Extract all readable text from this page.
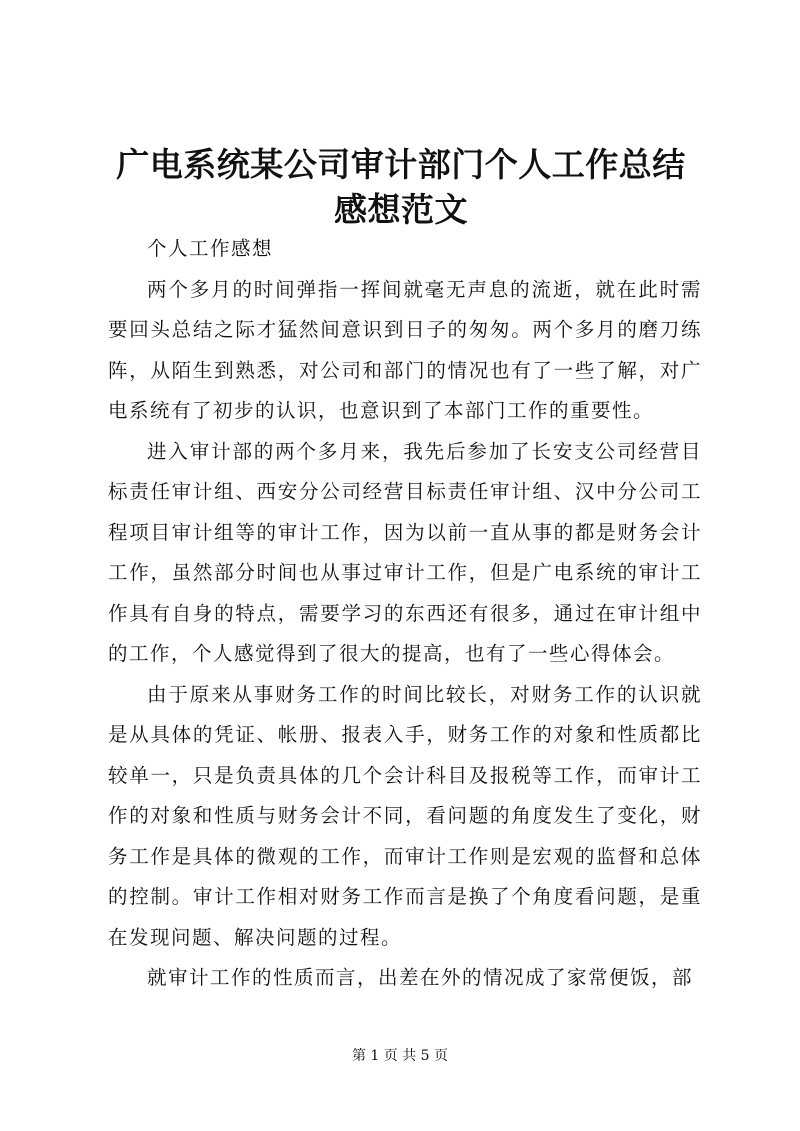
广电系统某公司审计部门个人工作总结感想范文

个人工作感想

两个多月的时间弹指一挥间就毫无声息的流逝，就在此时需要回头总结之际才猛然间意识到日子的匆匆。两个多月的磨刀练阵，从陌生到熟悉，对公司和部门的情况也有了一些了解，对广电系统有了初步的认识，也意识到了本部门工作的重要性。

进入审计部的两个多月来，我先后参加了长安支公司经营目标责任审计组、西安分公司经营目标责任审计组、汉中分公司工程项目审计组等的审计工作，因为以前一直从事的都是财务会计工作，虽然部分时间也从事过审计工作，但是广电系统的审计工作具有自身的特点，需要学习的东西还有很多，通过在审计组中的工作，个人感觉得到了很大的提高，也有了一些心得体会。

由于原来从事财务工作的时间比较长，对财务工作的认识就是从具体的凭证、帐册、报表入手，财务工作的对象和性质都比较单一，只是负责具体的几个会计科目及报税等工作，而审计工作的对象和性质与财务会计不同，看问题的角度发生了变化，财务工作是具体的微观的工作，而审计工作则是宏观的监督和总体的控制。审计工作相对财务工作而言是换了个角度看问题，是重在发现问题、解决问题的过程。

就审计工作的性质而言，出差在外的情况成了家常便饭，部

第 1 页 共 5 页
